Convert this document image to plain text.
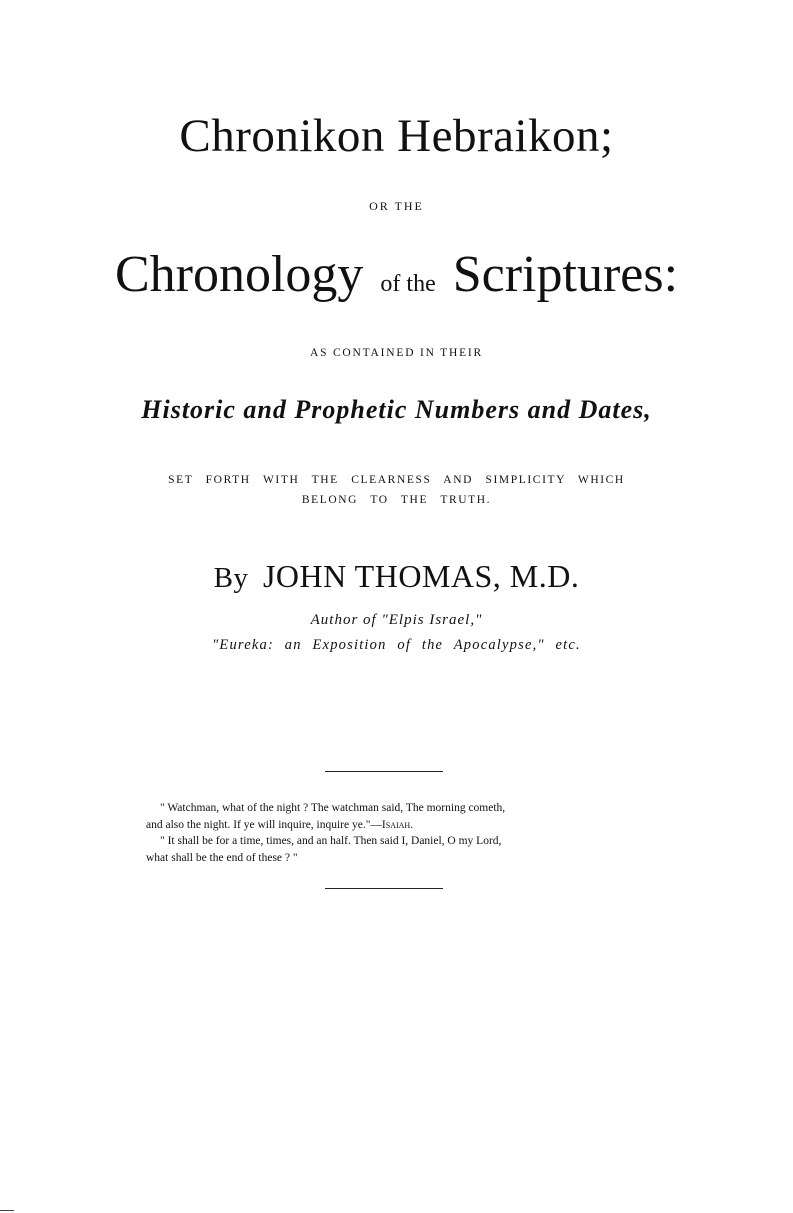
Chronikon Hebraikon;
OR THE
Chronology of the Scriptures:
AS CONTAINED IN THEIR
Historic and Prophetic Numbers and Dates,
SET FORTH WITH THE CLEARNESS AND SIMPLICITY WHICH
BELONG TO THE TRUTH.
By JOHN THOMAS, M.D.
Author of "Elpis Israel,"
"Eureka: an Exposition of the Apocalypse," etc.

" Watchman, what of the night ? The watchman said, The morning cometh,

and also the night. If ye will inquire, inquire ye."—Isaiah.

" It shall be for a time, times, and an half. Then said I, Daniel, O my Lord,

what shall be the end of these ? "
